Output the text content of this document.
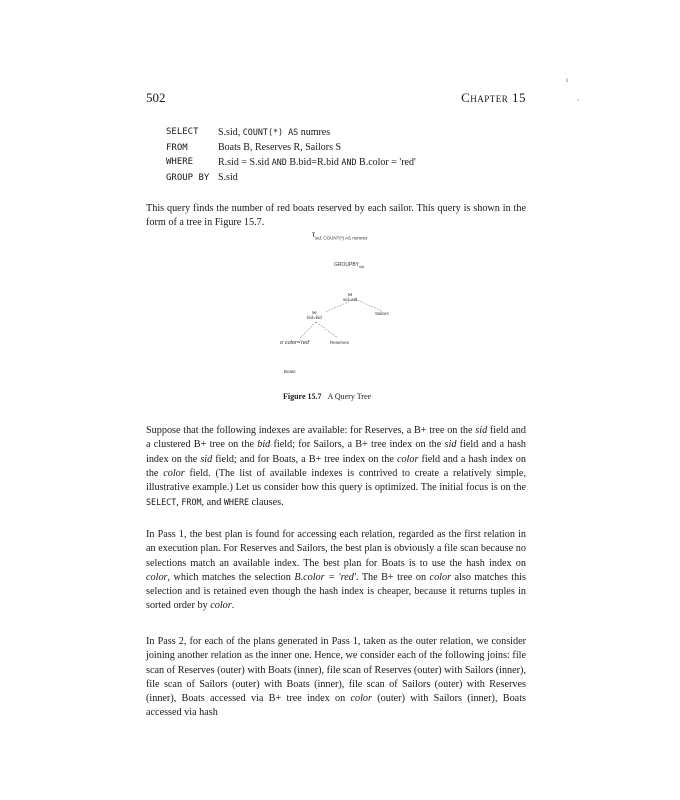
502	Chapter 15
ı
,
SELECT	S.sid, COUNT(*) AS numres
FROM	Boats B, Reserves R, Sailors S
WHERE	R.sid = S.sid AND B.bid=R.bid AND B.color = 'red'
GROUP BY S.sid

This query finds the number of red boats reserved by each sailor. This query is shown in the form of a tree in Figure 15.7.

$\tau_{sid, COUNT(*) AS numres}$
$GROUPBY_{sid}$
⋈
sid=sid
Sailors
⋈
bid=bid
σ color='red'	Reserves
Boats
Figure 15.7 A Query Tree

Suppose that the following indexes are available: for Reserves, a B+ tree on the sid field and a clustered B+ tree on the bid field; for Sailors, a B+ tree index on the sid field and a hash index on the sid field; and for Boats, a B+ tree index on the color field and a hash index on the color field. (The list of available indexes is contrived to create a relatively simple, illustrative example.) Let us consider how this query is optimized. The initial focus is on the SELECT, FROM, and WHERE clauses.

In Pass 1, the best plan is found for accessing each relation, regarded as the first relation in an execution plan. For Reserves and Sailors, the best plan is obviously a file scan because no selections match an available index. The best plan for Boats is to use the hash index on color, which matches the selection B.color = 'red'. The B+ tree on color also matches this selection and is retained even though the hash index is cheaper, because it returns tuples in sorted order by color.

In Pass 2, for each of the plans generated in Pass 1, taken as the outer relation, we consider joining another relation as the inner one. Hence, we consider each of the following joins: file scan of Reserves (outer) with Boats (inner), file scan of Reserves (outer) with Sailors (inner), file scan of Sailors (outer) with Boats (inner), file scan of Sailors (outer) with Reserves (inner), Boats accessed via B+ tree index on color (outer) with Sailors (inner), Boats accessed via hash
